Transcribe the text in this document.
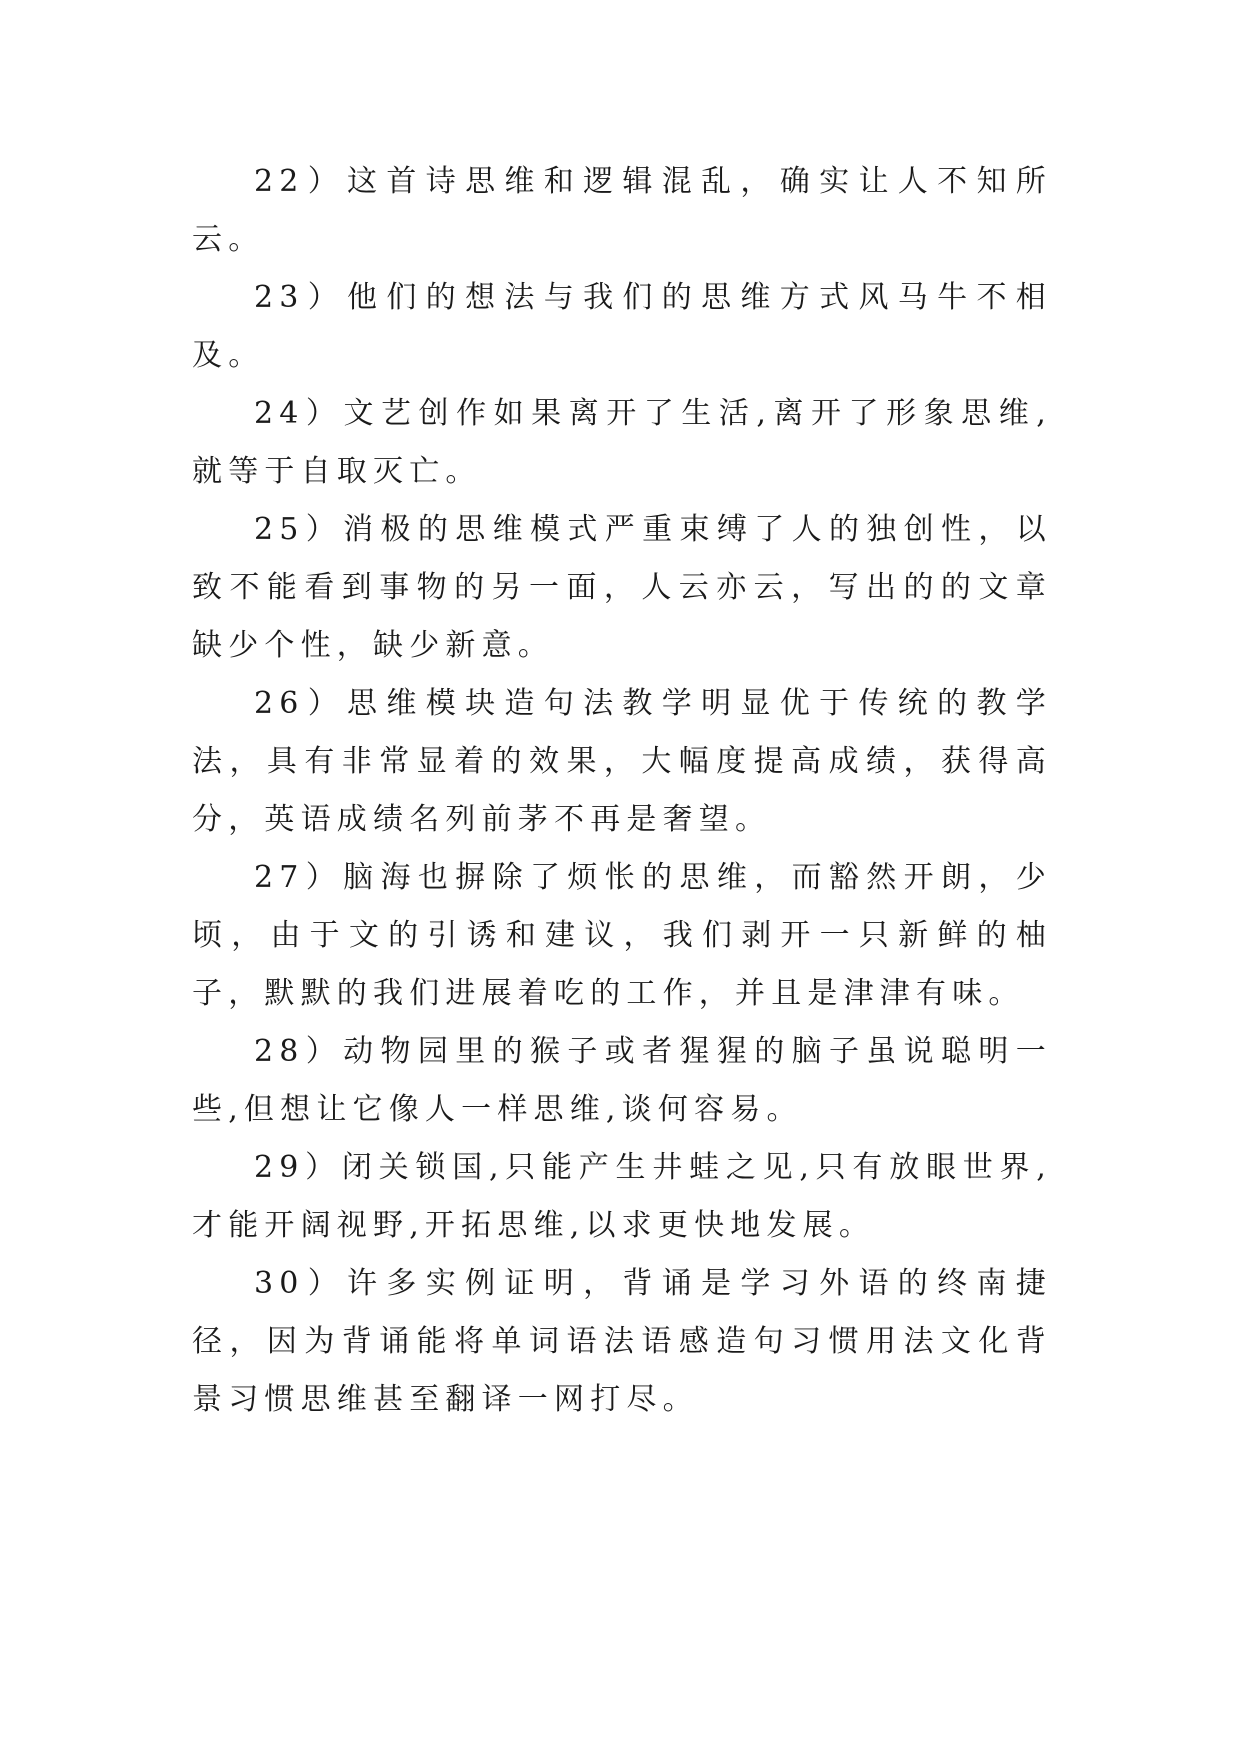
22）这首诗思维和逻辑混乱，确实让人不知所云。

23）他们的想法与我们的思维方式风马牛不相及。

24）文艺创作如果离开了生活,离开了形象思维,就等于自取灭亡。

25）消极的思维模式严重束缚了人的独创性，以致不能看到事物的另一面，人云亦云，写出的的文章缺少个性，缺少新意。

26）思维模块造句法教学明显优于传统的教学法，具有非常显着的效果，大幅度提高成绩，获得高分，英语成绩名列前茅不再是奢望。

27）脑海也摒除了烦怅的思维，而豁然开朗，少顷，由于文的引诱和建议，我们剥开一只新鲜的柚子，默默的我们进展着吃的工作，并且是津津有味。

28）动物园里的猴子或者猩猩的脑子虽说聪明一些,但想让它像人一样思维,谈何容易。

29）闭关锁国,只能产生井蛙之见,只有放眼世界,才能开阔视野,开拓思维,以求更快地发展。

30）许多实例证明，背诵是学习外语的终南捷径，因为背诵能将单词语法语感造句习惯用法文化背景习惯思维甚至翻译一网打尽。
